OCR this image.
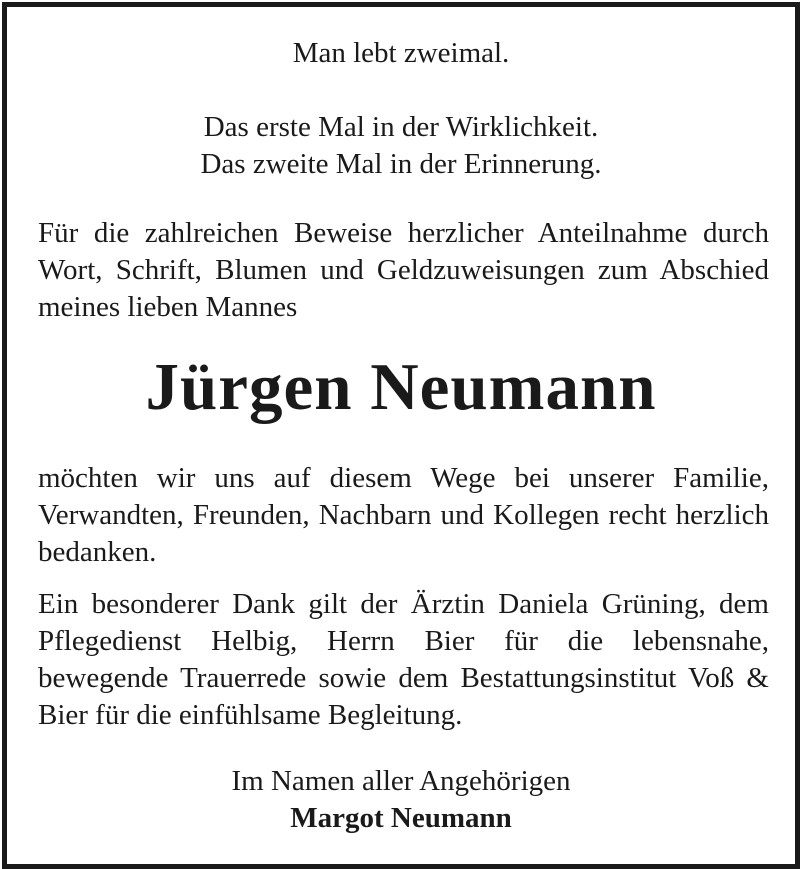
Man lebt zweimal.
Das erste Mal in der Wirklichkeit.
Das zweite Mal in der Erinnerung.

Für die zahlreichen Beweise herzlicher Anteilnahme durch Wort, Schrift, Blumen und Geldzuweisungen zum Abschied meines lieben Mannes

Jürgen Neumann

möchten wir uns auf diesem Wege bei unserer Familie, Verwandten, Freunden, Nachbarn und Kollegen recht herzlich bedanken.

Ein besonderer Dank gilt der Ärztin Daniela Grüning, dem Pflegedienst Helbig, Herrn Bier für die lebensnahe, bewegende Trauerrede sowie dem Bestattungsinstitut Voß & Bier für die einfühlsame Begleitung.

Im Namen aller Angehörigen
Margot Neumann
